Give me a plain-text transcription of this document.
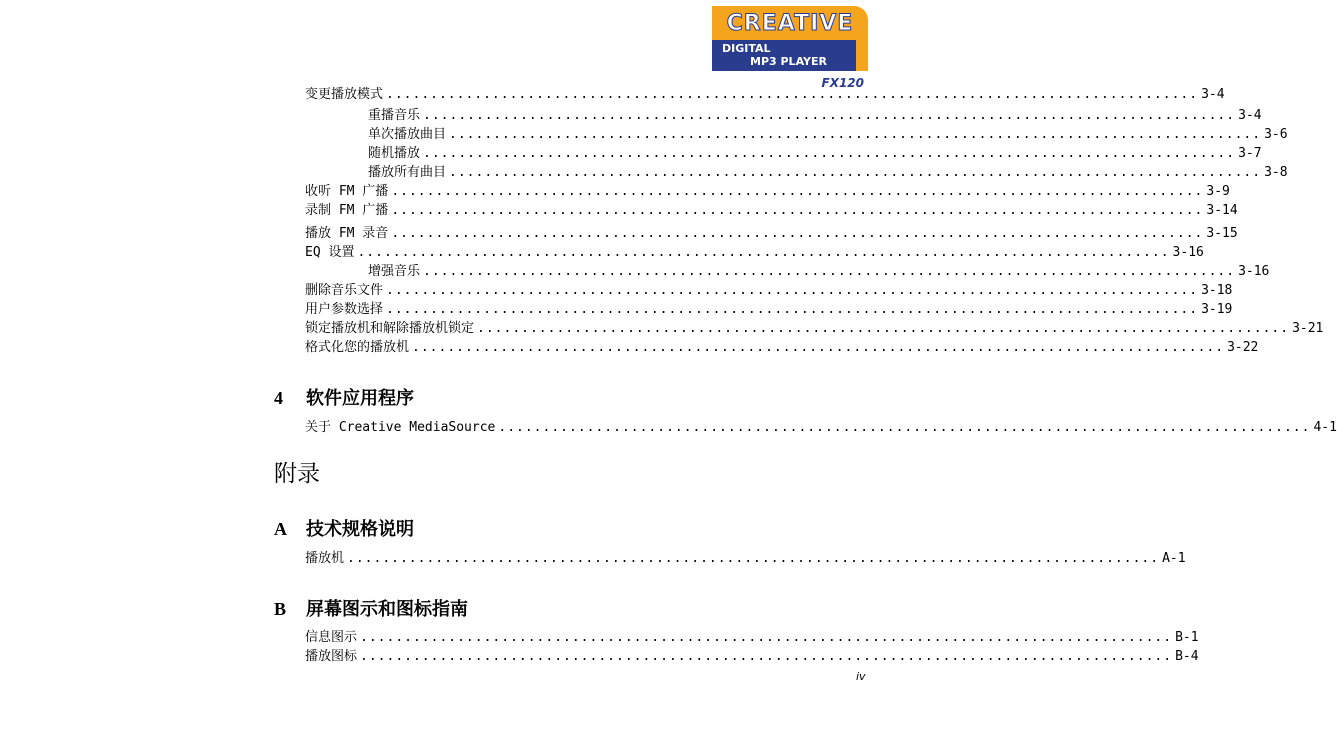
CREATIVE
DIGITAL
MP3 PLAYER
FX120
变更播放模式 ............................................................................................ 3-4
重播音乐 ............................................................................................ 3-4
单次播放曲目 ............................................................................................ 3-6
随机播放 ............................................................................................ 3-7
播放所有曲目 ............................................................................................ 3-8
收听 FM 广播 ............................................................................................ 3-9
录制 FM 广播 ............................................................................................ 3-14
播放 FM 录音 ............................................................................................ 3-15
EQ 设置 ............................................................................................ 3-16
增强音乐 ............................................................................................ 3-16
删除音乐文件 ............................................................................................ 3-18
用户参数选择 ............................................................................................ 3-19
锁定播放机和解除播放机锁定 ............................................................................................ 3-21
格式化您的播放机 ............................................................................................ 3-22
4	软件应用程序
关于 Creative MediaSource ............................................................................................ 4-1
附录
A	技术规格说明
播放机 ............................................................................................ A-1
B	屏幕图示和图标指南
信息图示 ............................................................................................ B-1
播放图标 ............................................................................................ B-4
iv
